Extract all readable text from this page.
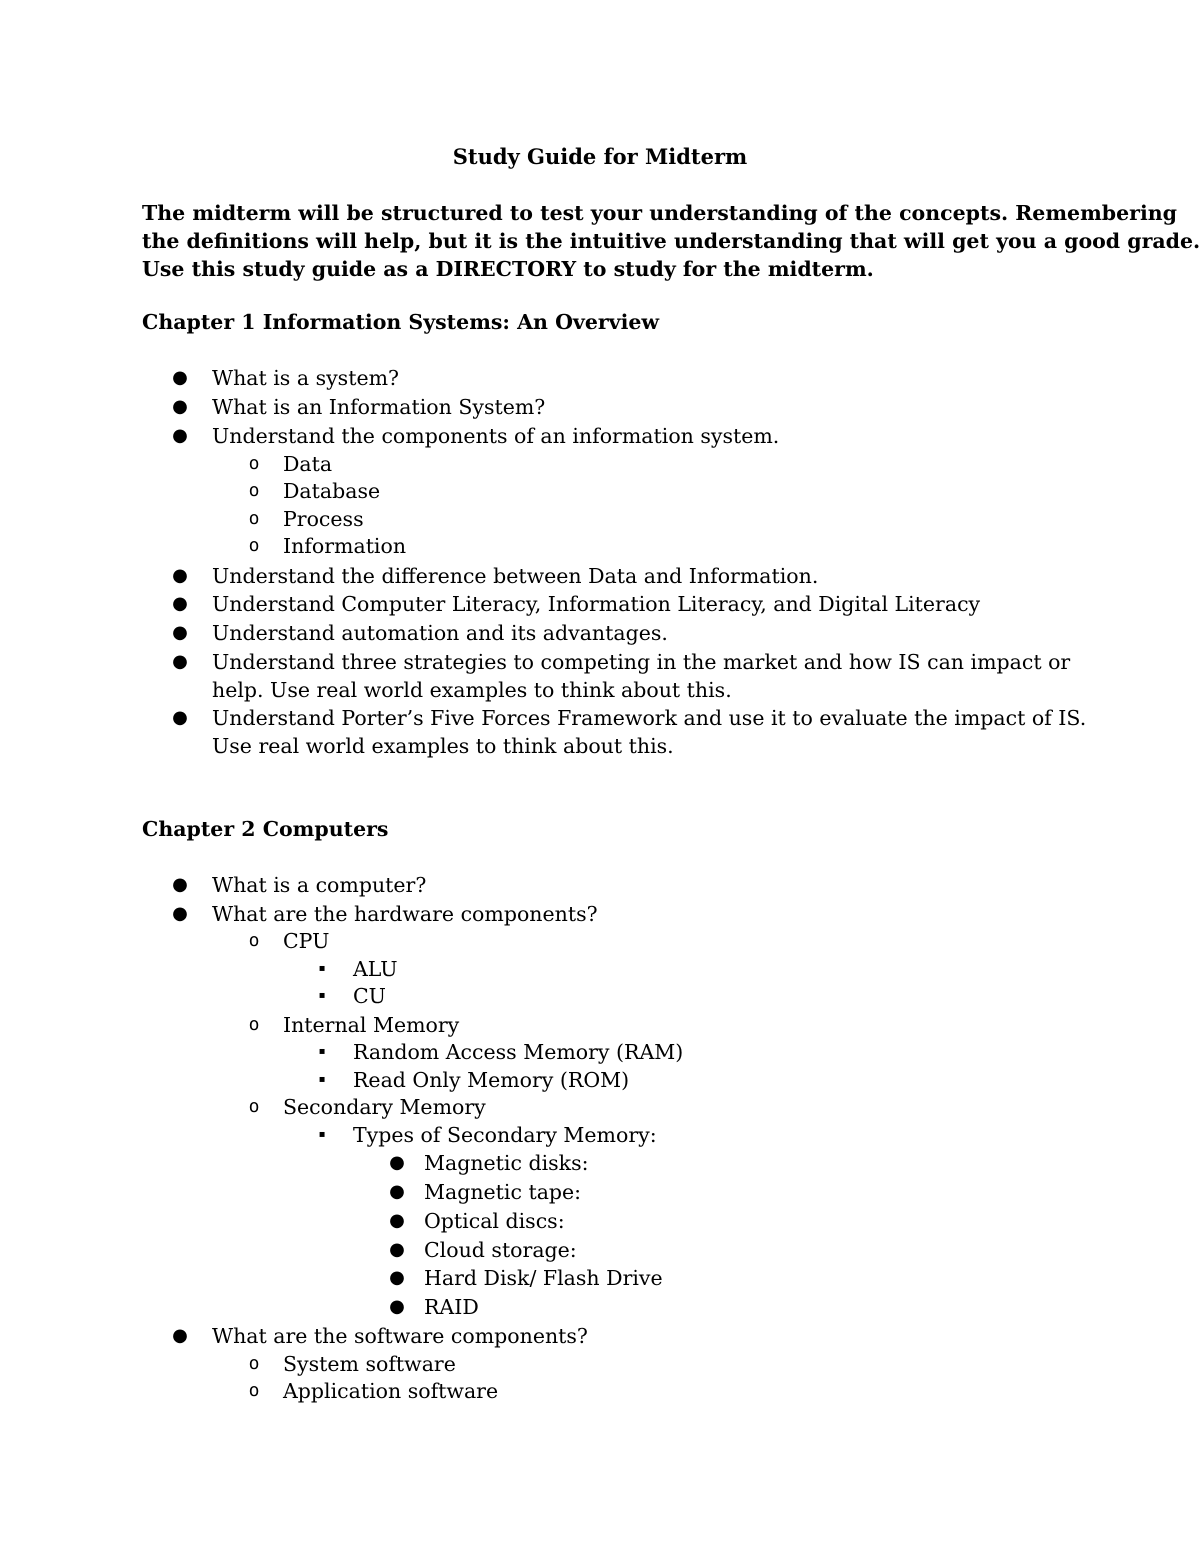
Study Guide for Midterm

The midterm will be structured to test your understanding of the concepts. Remembering

the definitions will help, but it is the intuitive understanding that will get you a good grade.

Use this study guide as a DIRECTORY to study for the midterm.

Chapter 1 Information Systems: An Overview
● What is a system?
● What is an Information System?
● Understand the components of an information system.
o Data
o Database
o Process
o Information
● Understand the difference between Data and Information.
● Understand Computer Literacy, Information Literacy, and Digital Literacy
● Understand automation and its advantages.
● Understand three strategies to competing in the market and how IS can impact or
help. Use real world examples to think about this.
● Understand Porter’s Five Forces Framework and use it to evaluate the impact of IS.
Use real world examples to think about this.
Chapter 2 Computers
● What is a computer?
● What are the hardware components?
o CPU
▪	ALU
▪	CU
o Internal Memory
▪	Random Access Memory (RAM)
▪	Read Only Memory (ROM)
o Secondary Memory
▪	Types of Secondary Memory:
● Magnetic disks:
● Magnetic tape:
● Optical discs:
● Cloud storage:
● Hard Disk/ Flash Drive
● RAID
● What are the software components?
o System software
o Application software
